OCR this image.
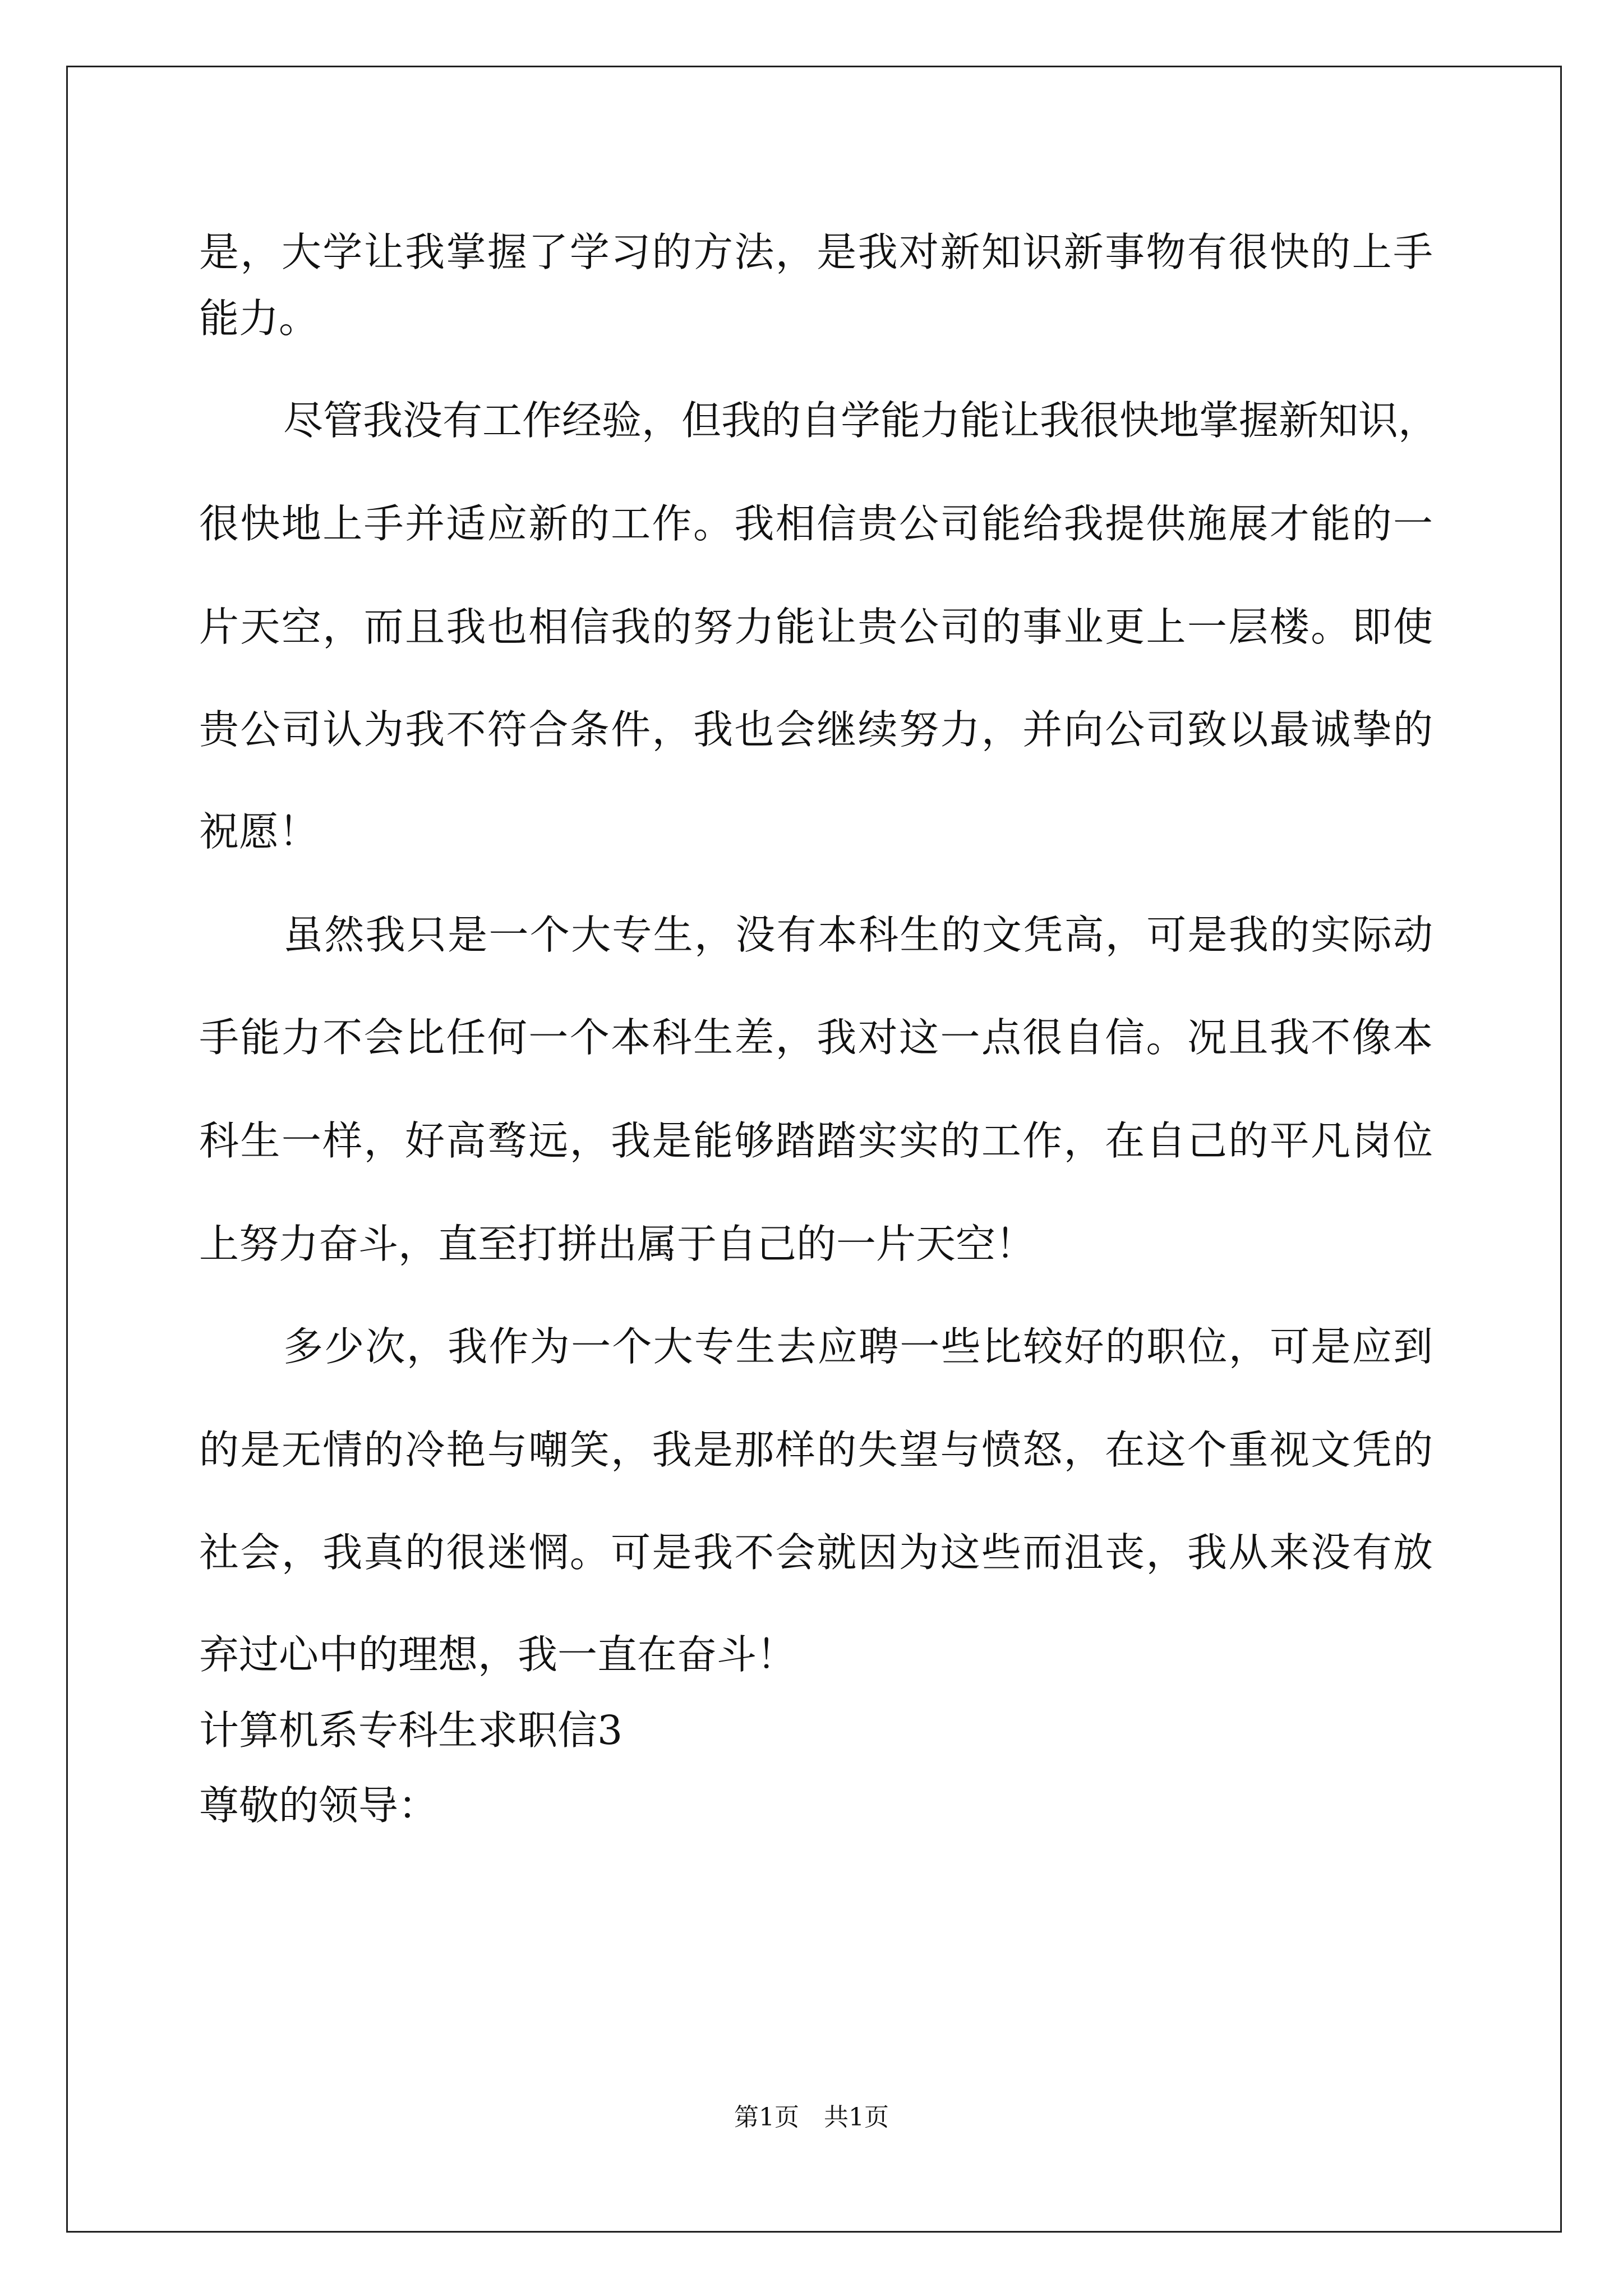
是，大学让我掌握了学习的方法，是我对新知识新事物有很快的上手
能力。
尽管我没有工作经验，但我的自学能力能让我很快地掌握新知识，
很快地上手并适应新的工作。我相信贵公司能给我提供施展才能的一
片天空，而且我也相信我的努力能让贵公司的事业更上一层楼。即使
贵公司认为我不符合条件，我也会继续努力，并向公司致以最诚挚的
祝愿！
虽然我只是一个大专生，没有本科生的文凭高，可是我的实际动
手能力不会比任何一个本科生差，我对这一点很自信。况且我不像本
科生一样，好高骛远，我是能够踏踏实实的工作，在自己的平凡岗位
上努力奋斗，直至打拼出属于自己的一片天空！
多少次，我作为一个大专生去应聘一些比较好的职位，可是应到
的是无情的冷艳与嘲笑，我是那样的失望与愤怒，在这个重视文凭的
社会，我真的很迷惘。可是我不会就因为这些而沮丧，我从来没有放
弃过心中的理想，我一直在奋斗！
计算机系专科生求职信3
尊敬的领导：
第1页　共1页
